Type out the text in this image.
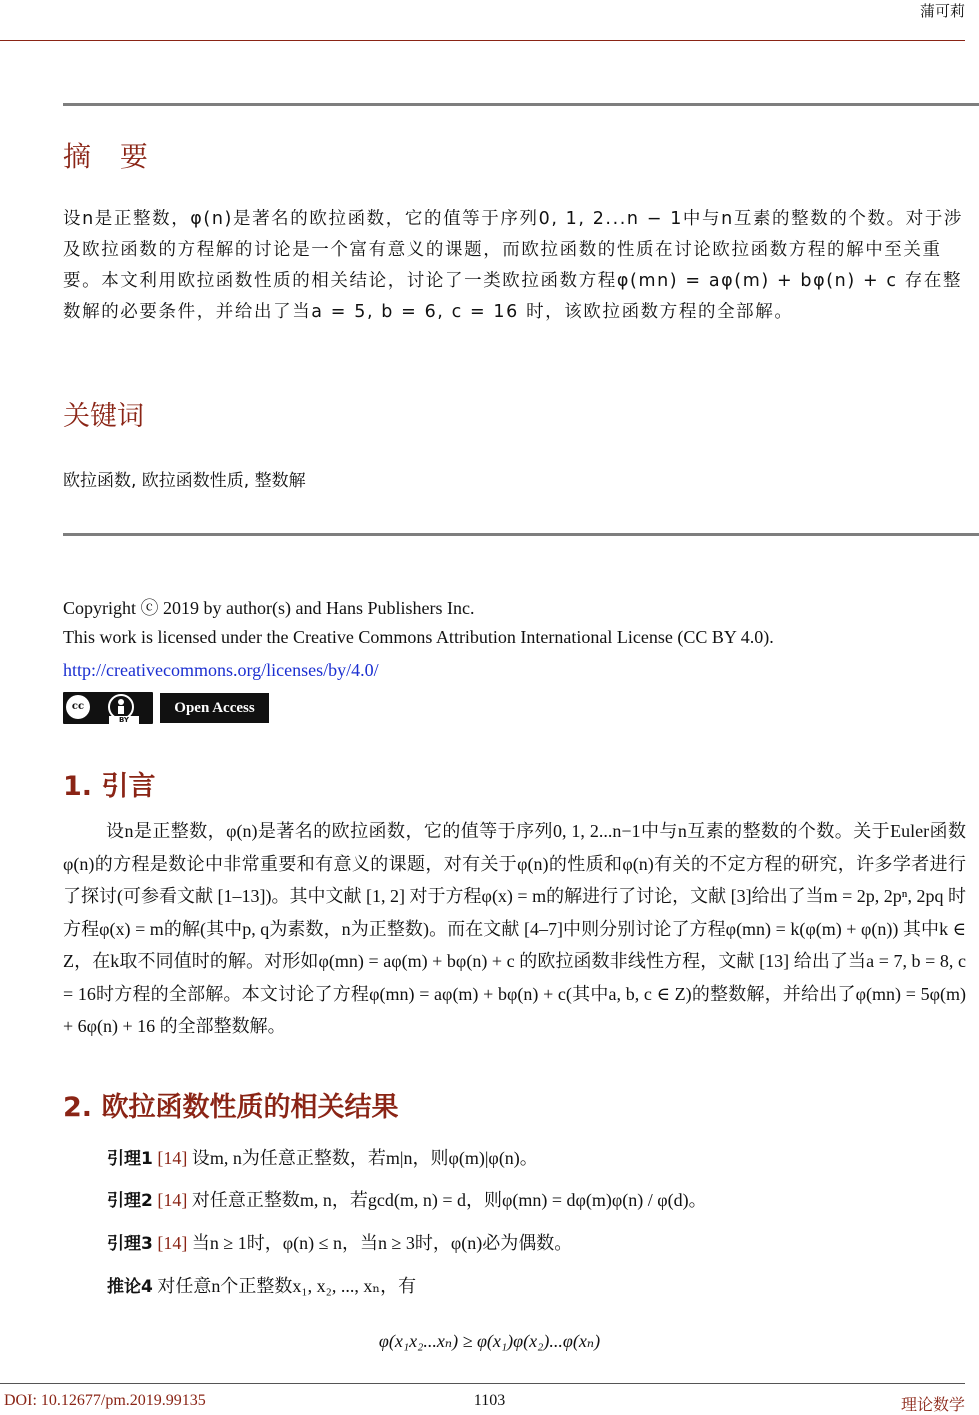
蒲可莉
摘 要
设n是正整数，φ(n)是著名的欧拉函数，它的值等于序列0, 1, 2...n − 1中与n互素的整数的个数。对于涉及欧拉函数的方程解的讨论是一个富有意义的课题，而欧拉函数的性质在讨论欧拉函数方程的解中至关重要。本文利用欧拉函数性质的相关结论，讨论了一类欧拉函数方程φ(mn) = aφ(m) + bφ(n) + c 存在整数解的必要条件，并给出了当a = 5, b = 6, c = 16 时，该欧拉函数方程的全部解。
关键词
欧拉函数, 欧拉函数性质, 整数解
Copyright ⓒ 2019 by author(s) and Hans Publishers Inc.
This work is licensed under the Creative Commons Attribution International License (CC BY 4.0).
http://creativecommons.org/licenses/by/4.0/
cc
BY
Open Access
1. 引言
设n是正整数，φ(n)是著名的欧拉函数，它的值等于序列0, 1, 2...n−1中与n互素的整数的个数。关于Euler函数φ(n)的方程是数论中非常重要和有意义的课题，对有关于φ(n)的性质和φ(n)有关的不定方程的研究，许多学者进行了探讨(可参看文献 [1–13])。其中文献 [1, 2] 对于方程φ(x) = m的解进行了讨论，文献 [3]给出了当m = 2p, 2pⁿ, 2pq 时方程φ(x) = m的解(其中p, q为素数，n为正整数)。而在文献 [4–7]中则分别讨论了方程φ(mn) = k(φ(m) + φ(n)) 其中k ∈ Z，在k取不同值时的解。对形如φ(mn) = aφ(m) + bφ(n) + c 的欧拉函数非线性方程，文献 [13] 给出了当a = 7, b = 8, c = 16时方程的全部解。本文讨论了方程φ(mn) = aφ(m) + bφ(n) + c(其中a, b, c ∈ Z)的整数解，并给出了φ(mn) = 5φ(m) + 6φ(n) + 16 的全部整数解。
2. 欧拉函数性质的相关结果
引理1 [14] 设m, n为任意正整数，若m|n，则φ(m)|φ(n)。
引理2 [14] 对任意正整数m, n，若gcd(m, n) = d，则φ(mn) = dφ(m)φ(n) / φ(d)。
引理3 [14] 当n ≥ 1时，φ(n) ≤ n，当n ≥ 3时，φ(n)必为偶数。
推论4 对任意n个正整数x₁, x₂, ..., xₙ，有
φ(x₁x₂...xₙ) ≥ φ(x₁)φ(x₂)...φ(xₙ)
DOI: 10.12677/pm.2019.99135	1103	理论数学
